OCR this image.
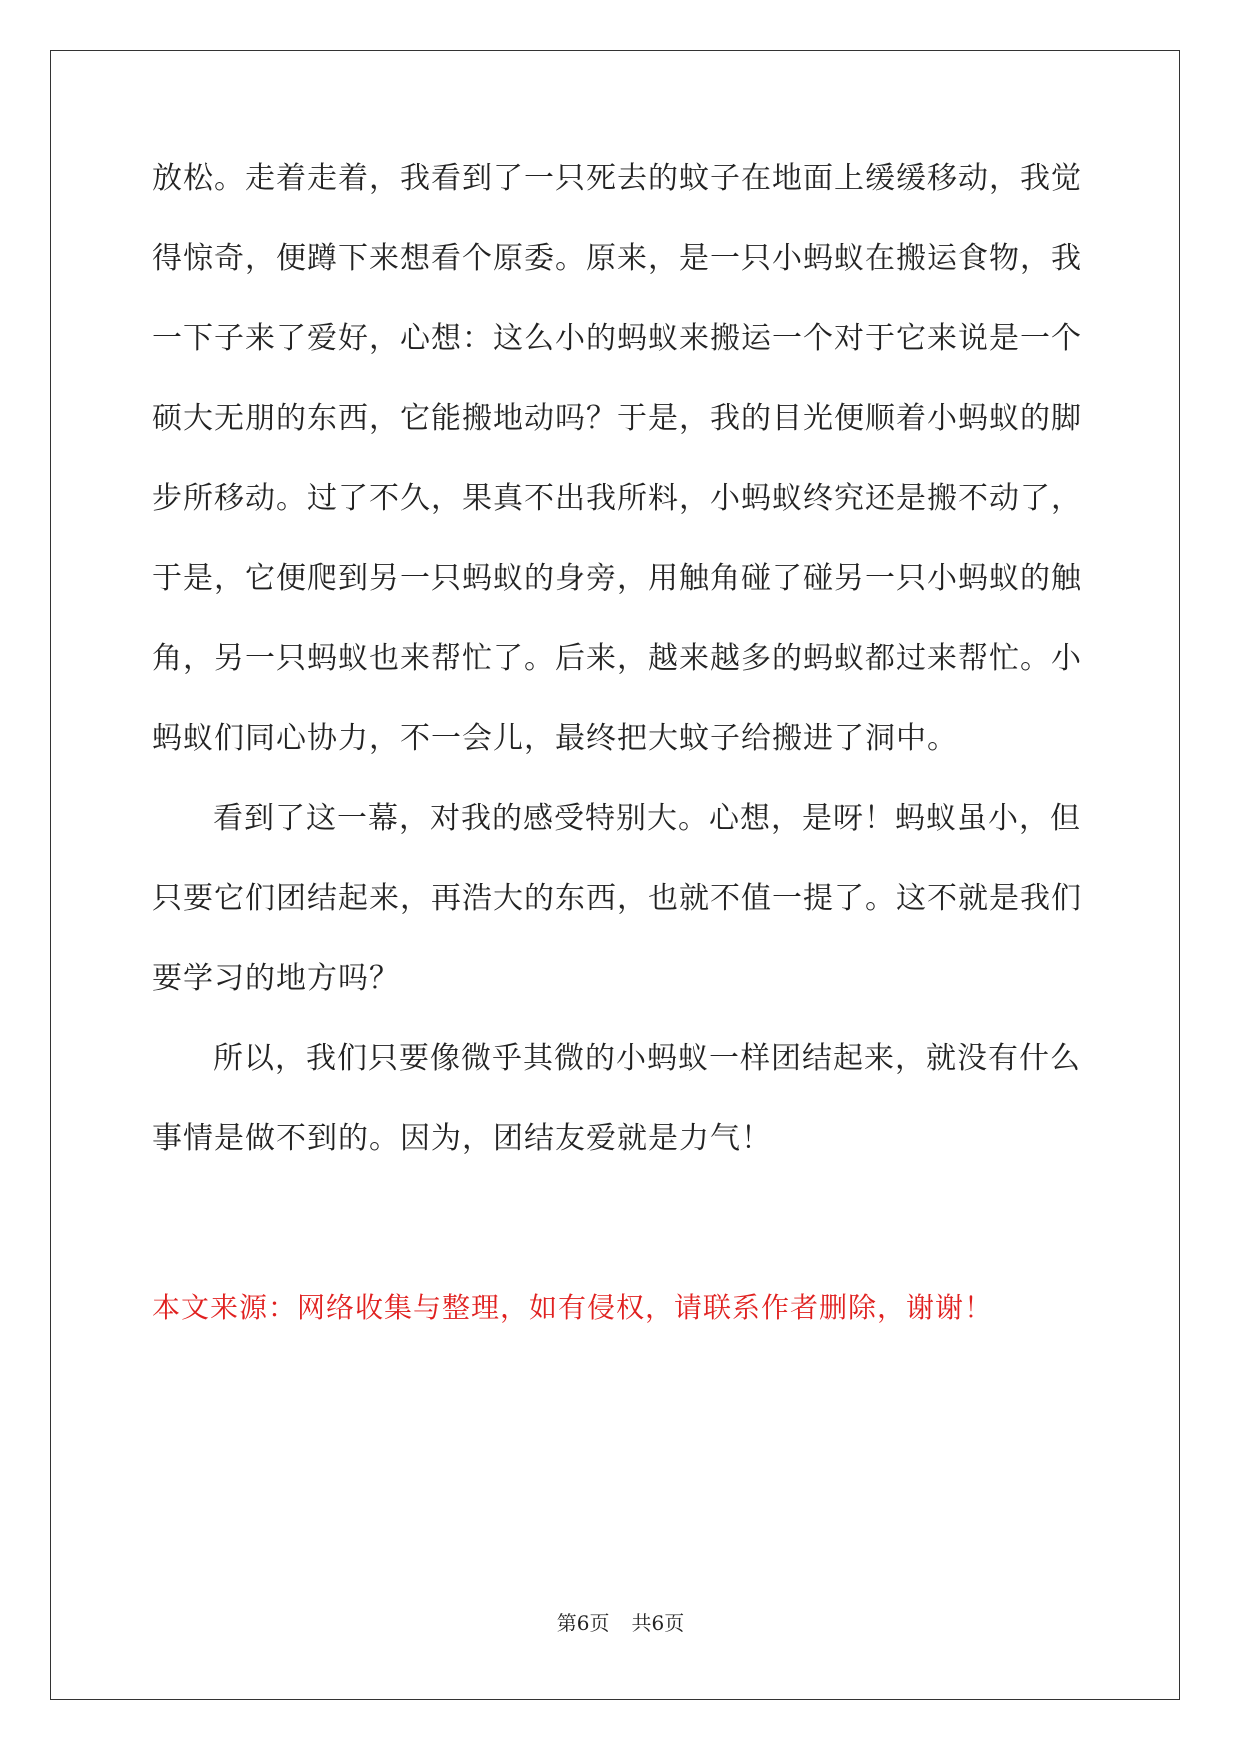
放松。走着走着，我看到了一只死去的蚊子在地面上缓缓移动，我觉
得惊奇，便蹲下来想看个原委。原来，是一只小蚂蚁在搬运食物，我
一下子来了爱好，心想：这么小的蚂蚁来搬运一个对于它来说是一个
硕大无朋的东西，它能搬地动吗？于是，我的目光便顺着小蚂蚁的脚
步所移动。过了不久，果真不出我所料，小蚂蚁终究还是搬不动了，
于是，它便爬到另一只蚂蚁的身旁，用触角碰了碰另一只小蚂蚁的触
角，另一只蚂蚁也来帮忙了。后来，越来越多的蚂蚁都过来帮忙。小
蚂蚁们同心协力，不一会儿，最终把大蚊子给搬进了洞中。
看到了这一幕，对我的感受特别大。心想，是呀！蚂蚁虽小，但
只要它们团结起来，再浩大的东西，也就不值一提了。这不就是我们
要学习的地方吗？
所以，我们只要像微乎其微的小蚂蚁一样团结起来，就没有什么
事情是做不到的。因为，团结友爱就是力气！
本文来源：网络收集与整理，如有侵权，请联系作者删除，谢谢！
第6页 共6页
